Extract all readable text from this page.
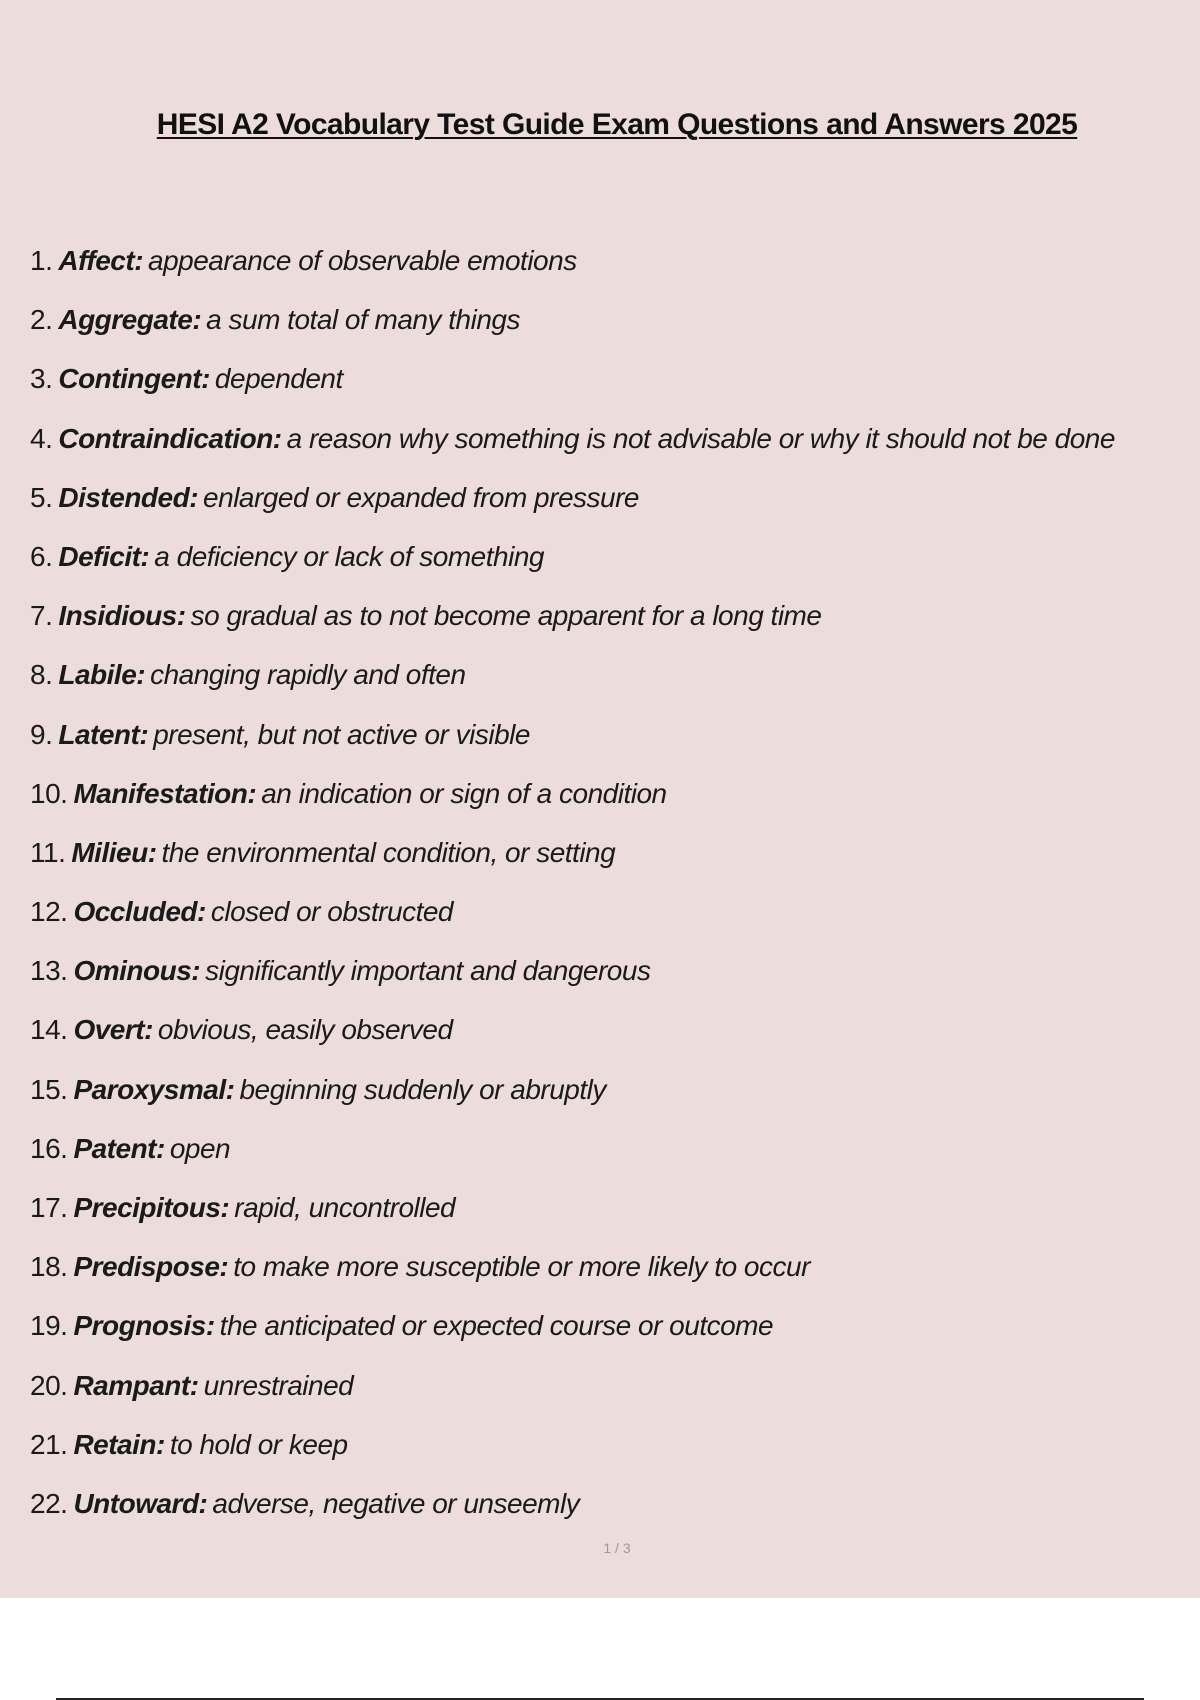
HESI A2 Vocabulary Test Guide Exam Questions and Answers 2025
1. Affect: appearance of observable emotions
2. Aggregate: a sum total of many things
3. Contingent: dependent
4. Contraindication: a reason why something is not advisable or why it should not be done
5. Distended: enlarged or expanded from pressure
6. Deficit: a deficiency or lack of something
7. Insidious: so gradual as to not become apparent for a long time
8. Labile: changing rapidly and often
9. Latent: present, but not active or visible
10. Manifestation: an indication or sign of a condition
11. Milieu: the environmental condition, or setting
12. Occluded: closed or obstructed
13. Ominous: significantly important and dangerous
14. Overt: obvious, easily observed
15. Paroxysmal: beginning suddenly or abruptly
16. Patent: open
17. Precipitous: rapid, uncontrolled
18. Predispose: to make more susceptible or more likely to occur
19. Prognosis: the anticipated or expected course or outcome
20. Rampant: unrestrained
21. Retain: to hold or keep
22. Untoward: adverse, negative or unseemly
1 / 3
